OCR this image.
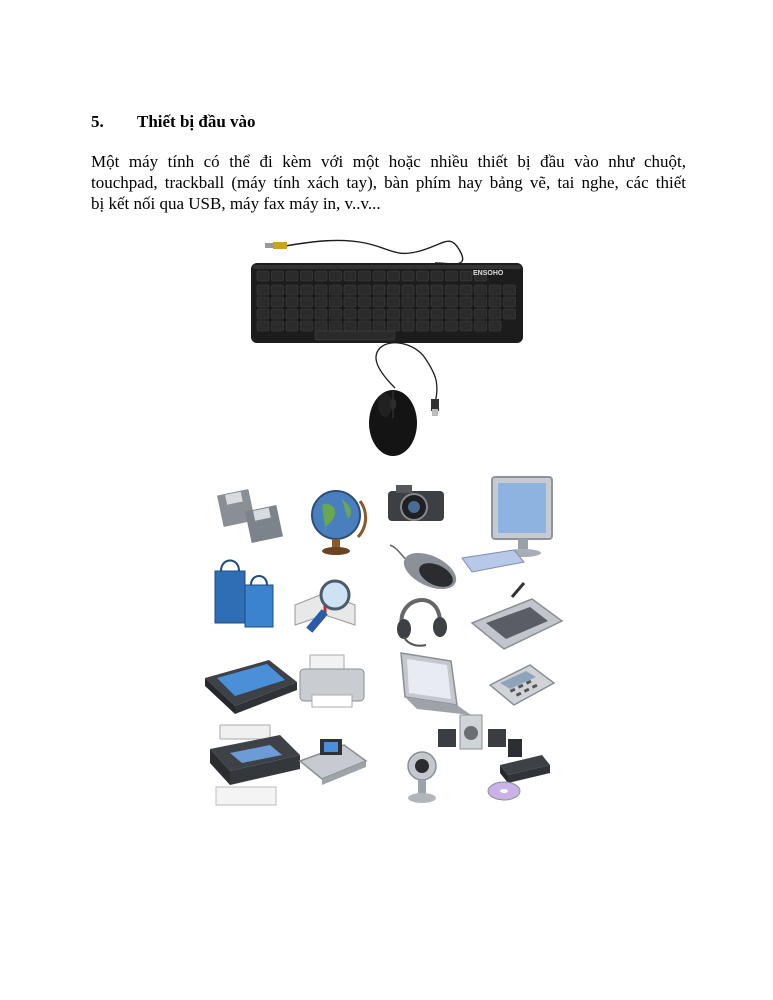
5.	Thiết bị đầu vào
Một máy tính có thể đi kèm với một hoặc nhiều thiết bị đầu vào như chuột,
touchpad, trackball (máy tính xách tay), bàn phím hay bảng vẽ, tai nghe, các thiết
bị kết nối qua USB, máy fax máy in, v..v...
ENSOHO
